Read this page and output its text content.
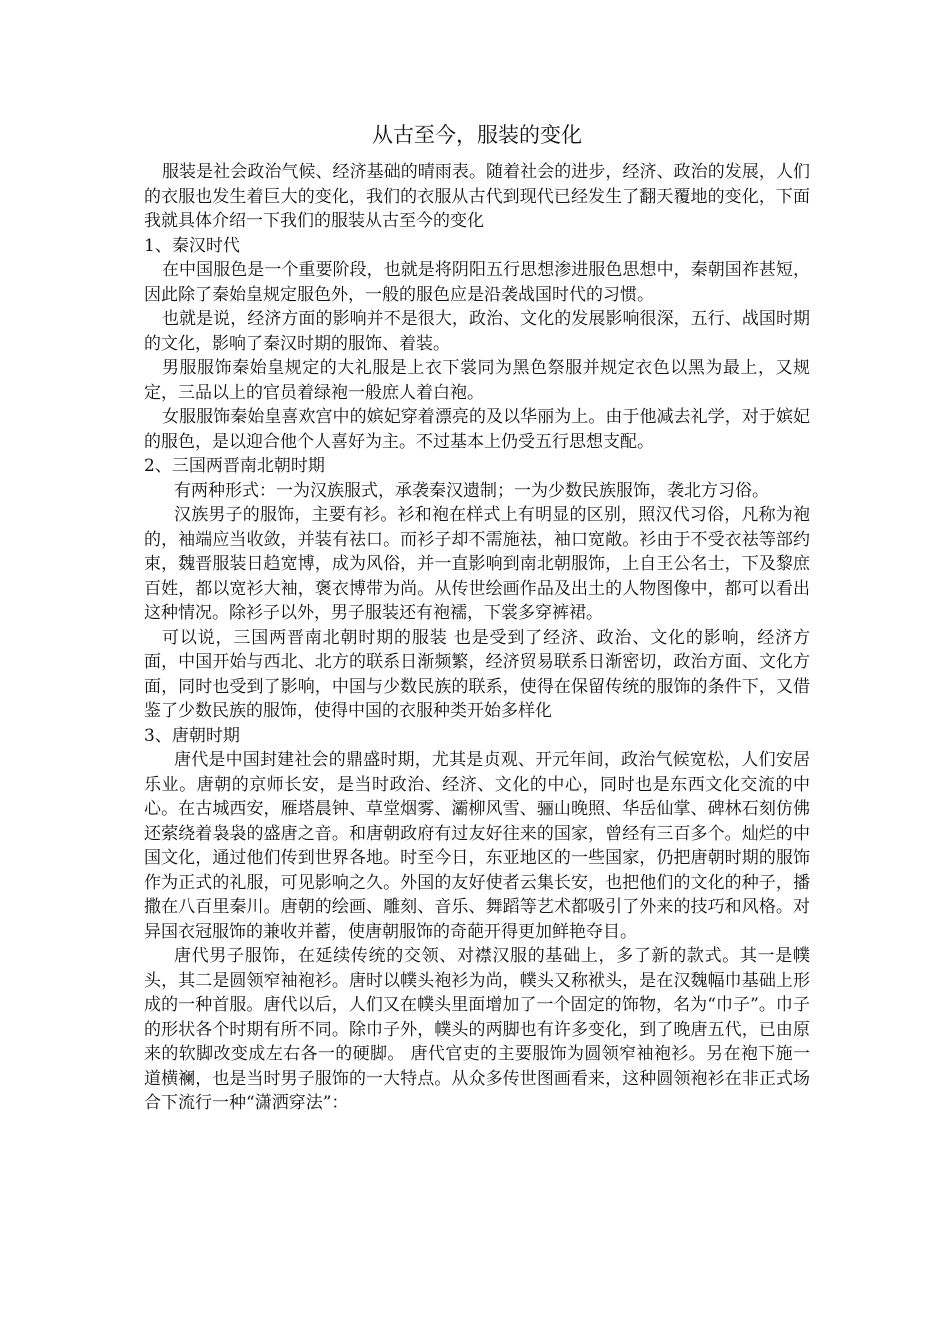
从古至今，服装的变化
服装是社会政治气候、经济基础的晴雨表。随着社会的进步，经济、政治的发展，人们的衣服也发生着巨大的变化，我们的衣服从古代到现代已经发生了翻天覆地的变化，下面我就具体介绍一下我们的服装从古至今的变化
1、秦汉时代
在中国服色是一个重要阶段，也就是将阴阳五行思想渗进服色思想中，秦朝国祚甚短，因此除了秦始皇规定服色外，一般的服色应是沿袭战国时代的习惯。
也就是说，经济方面的影响并不是很大，政治、文化的发展影响很深，五行、战国时期的文化，影响了秦汉时期的服饰、着装。
男服服饰秦始皇规定的大礼服是上衣下裳同为黑色祭服并规定衣色以黑为最上，又规定，三品以上的官员着绿袍一般庶人着白袍。
女服服饰秦始皇喜欢宫中的嫔妃穿着漂亮的及以华丽为上。由于他减去礼学，对于嫔妃的服色，是以迎合他个人喜好为主。不过基本上仍受五行思想支配。
2、三国两晋南北朝时期
有两种形式：一为汉族服式，承袭秦汉遗制；一为少数民族服饰，袭北方习俗。
汉族男子的服饰，主要有衫。衫和袍在样式上有明显的区别，照汉代习俗，凡称为袍的，袖端应当收敛，并装有祛口。而衫子却不需施祛，袖口宽敞。衫由于不受衣祛等部约束，魏晋服装日趋宽博，成为风俗，并一直影响到南北朝服饰，上自王公名士，下及黎庶百姓，都以宽衫大袖，褒衣博带为尚。从传世绘画作品及出土的人物图像中，都可以看出这种情况。除衫子以外，男子服装还有袍襦，下裳多穿裤裙。
可以说，三国两晋南北朝时期的服装 也是受到了经济、政治、文化的影响，经济方面，中国开始与西北、北方的联系日渐频繁，经济贸易联系日渐密切，政治方面、文化方面，同时也受到了影响，中国与少数民族的联系，使得在保留传统的服饰的条件下，又借鉴了少数民族的服饰，使得中国的衣服种类开始多样化
3、唐朝时期
唐代是中国封建社会的鼎盛时期，尤其是贞观、开元年间，政治气候宽松，人们安居乐业。唐朝的京师长安，是当时政治、经济、文化的中心，同时也是东西文化交流的中心。在古城西安，雁塔晨钟、草堂烟雾、灞柳风雪、骊山晚照、华岳仙掌、碑林石刻仿佛还萦绕着袅袅的盛唐之音。和唐朝政府有过友好往来的国家，曾经有三百多个。灿烂的中国文化，通过他们传到世界各地。时至今日，东亚地区的一些国家，仍把唐朝时期的服饰作为正式的礼服，可见影响之久。外国的友好使者云集长安，也把他们的文化的种子，播撒在八百里秦川。唐朝的绘画、雕刻、音乐、舞蹈等艺术都吸引了外来的技巧和风格。对异国衣冠服饰的兼收并蓄，使唐朝服饰的奇葩开得更加鲜艳夺目。
唐代男子服饰，在延续传统的交领、对襟汉服的基础上，多了新的款式。其一是幞头，其二是圆领窄袖袍衫。唐时以幞头袍衫为尚，幞头又称袱头，是在汉魏幅巾基础上形成的一种首服。唐代以后，人们又在幞头里面增加了一个固定的饰物，名为“巾子”。巾子的形状各个时期有所不同。除巾子外，幞头的两脚也有许多变化，到了晚唐五代，已由原来的软脚改变成左右各一的硬脚。 唐代官吏的主要服饰为圆领窄袖袍衫。另在袍下施一道横襕，也是当时男子服饰的一大特点。从众多传世图画看来，这种圆领袍衫在非正式场合下流行一种“潇洒穿法”：
